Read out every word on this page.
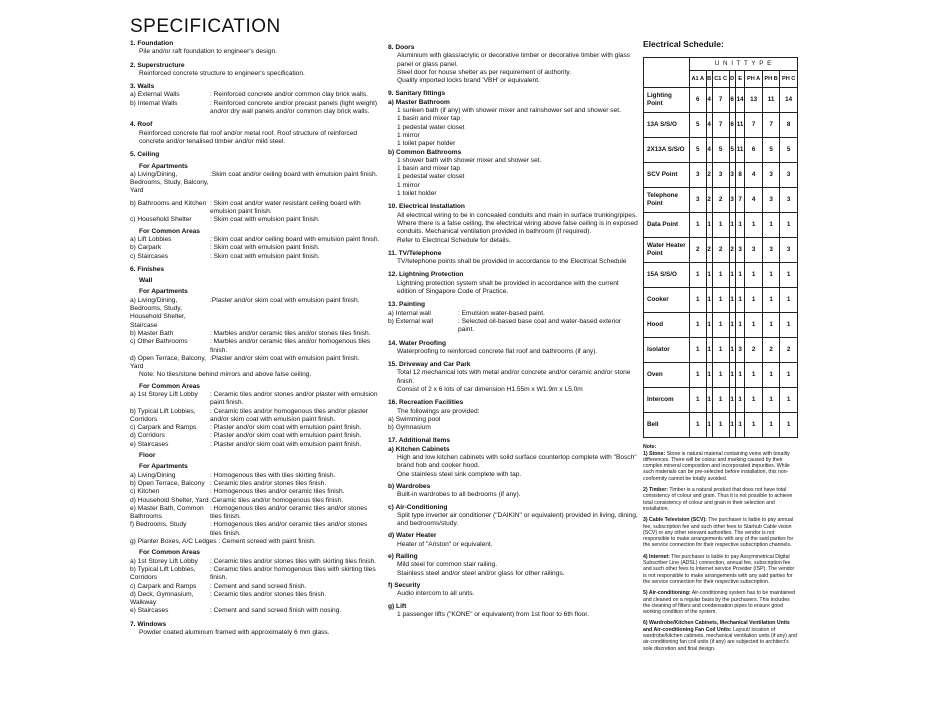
SPECIFICATION
1. Foundation
Pile and/or raft foundation to engineer's design.
2. Superstructure
Reinforced concrete structure to engineer's specification.
3. Walls
a) External Walls	: Reinforced concrete and/or common clay brick walls.
b) Internal Walls	: Reinforced concrete and/or precast panels (light weight) and/or dry wall panels and/or common clay brick walls.
4. Roof
Reinforced concrete flat roof and/or metal roof. Roof structure of reinforced concrete and/or tenalised timber and/or mild steel.
5. Ceiling
For Apartments
a) Living/Dining, Bedrooms, Study, Balcony, Yard
:Skim coat and/or ceiling board with emulsion paint finish.
b) Bathrooms and Kitchen : Skim coat and/or water resistant ceiling board with emulsion paint finish.
c) Household Shelter	: Skim coat with emulsion paint finish.
For Common Areas
a) Lift Lobbies	: Skim coat and/or ceiling board with emulsion paint finish.
b) Carpark	: Skim coat with emulsion paint finish.
c) Staircases	: Skim coat with emulsion paint finish.
6. Finishes
Wall
For Apartments
a) Living/Dining, Bedrooms, Study, Household Shelter, Staircase
:Plaster and/or skim coat with emulsion paint finish.
b) Master Bath	: Marbles and/or ceramic tiles and/or stones tiles finish.
c) Other Bathrooms	: Marbles and/or ceramic tiles and/or homogenous tiles finish.
d) Open Terrace, Balcony, Yard
:Plaster and/or skim coat with emulsion paint finish.
Note: No tiles/stone behind mirrors and above false ceiling.
For Common Areas
a) 1st Storey Lift Lobby	: Ceramic tiles and/or stones and/or plaster with emulsion paint finish.
b) Typical Lift Lobbies, Corridors
: Ceramic tiles and/or homogenous tiles and/or plaster and/or skim coat with emulsion paint finish.
c) Carpark and Ramps	: Plaster and/or skim coat with emulsion paint finish.
d) Corridors	: Plaster and/or skim coat with emulsion paint finish.
e) Staircases	: Plaster and/or skim coat with emulsion paint finish.
Floor
For Apartments
a) Living/Dining	: Homogenous tiles with tiles skirting finish.
b) Open Terrace, Balcony : Ceramic tiles and/or stones tiles finish.
c) Kitchen	: Homogenous tiles and/or ceramic tiles finish.
d) Household Shelter, Yard :Ceramic tiles and/or homogenous tiles finish.
e) Master Bath, Common Bathrooms
: Homogenous tiles and/or ceramic tiles and/or stones tiles finish.
f) Bedrooms, Study	: Homogenous tiles and/or ceramic tiles and/or stones tiles finish.
g) Planter Boxes, A/C Ledges : Cement screed with paint finish.
For Common Areas
a) 1st Storey Lift Lobby	: Ceramic tiles and/or stones tiles with skirting tiles finish.
b) Typical Lift Lobbies, Corridors
: Ceramic tiles and/or homogenous tiles with skirting tiles finish.
c) Carpark and Ramps	: Cement and sand screed finish.
d) Deck, Gymnasium, Walkway
: Ceramic tiles and/or stones tiles finish.
e) Staircases	: Cement and sand screed finish with nosing.
7. Windows
Powder coated aluminum framed with approximately 6 mm glass.
8. Doors
Aluminium with glass/acrylic or decorative timber or decorative timber with glass panel or glass panel.
Steel door for house shelter as per requirement of authority.
Quality imported locks brand 'VBH' or equivalent.
9. Sanitary fittings
a) Master Bathroom
1 sunken bath (if any) with shower mixer and rainshower set and shower set.
1 basin and mixer tap
1 pedestal water closet
1 mirror
1 toilet paper holder
b) Common Bathrooms
1 shower bath with shower mixer and shower set.
1 basin and mixer tap
1 pedestal water closet
1 mirror
1 toilet holder
10. Electrical Installation
All electrical wiring to be in concealed conduits and main in surface trunking/pipes. Where there is a false ceiling, the electrical wiring above false ceiling is in exposed conduits. Mechanical ventilation provided in bathroom (if required).
Refer to Electrical Schedule for details.
11. TV/Telephone
TV/telephone points shall be provided in accordance to the Electrical Schedule
12. Lightning Protection
Lightning protection system shall be provided in accordance with the current edition of Singapore Code of Practice.
13. Painting
a) Internal wall	: Emulsion water-based paint.
b) External wall	: Selected oil-based base coat and water-based exterior paint.
14. Water Proofing
Waterproofing to reinforced concrete flat roof and bathrooms (if any).
15. Driveway and Car Park
Total 12 mechanical lots with metal and/or concrete and/or ceramic and/or stone finish.
Consist of 2 x 6 lots of car dimension H1.55m x W1.9m x L5.0m
16. Recreation Facilities
The followings are provided:
a) Swimming pool
b) Gymnasium
17. Additional Items
a) Kitchen Cabinets
High and low kitchen cabinets with solid surface countertop complete with "Bosch" brand hob and cooker hood.
One stainless steel sink complete with tap.
b) Wardrobes
Built-in wardrobes to all bedrooms (if any).
c) Air-Conditioning
Split type inverter air conditioner ("DAIKIN" or equivalent) provided in living, dining, and bedrooms/study.
d) Water Heater
Heater of "Ariston" or equivalent.
e) Railing
Mild steel for common stair railing.
Stainless steel and/or steel and/or glass for other railings.
f) Security
Audio intercom to all units.
g) Lift
1 passenger lifts ("KONE" or equivalent) from 1st floor to 6th floor.
Electrical Schedule:
	U N I T T Y P E							
	A1 A	B	C1 C	D	E	PH A	PH B	PH C
Lighting Point	6	4	7	6	14	13	11	14
13A S/S/O	5	4	7	6	11	7	7	8
2X13A S/S/O	5	4	5	5	11	6	5	5
SCV Point	3	2	3	3	8	4	3	3
Telephone Point	3	2	2	3	7	4	3	3
Data Point	1	1	1	1	1	1	1	1
Water Heater Point	2	2	2	2	3	3	3	3
15A S/S/O	1	1	1	1	1	1	1	1
Cooker	1	1	1	1	1	1	1	1
Hood	1	1	1	1	1	1	1	1
Isolator	1	1	1	1	3	2	2	2
Oven	1	1	1	1	1	1	1	1
Intercom	1	1	1	1	1	1	1	1
Bell	1	1	1	1	1	1	1	1
Note:
1) Stone: Stone is natural material containing veins with tonality differences. There will be colour and marking caused by their complex mineral composition and incorporated impurities. While such materials can be pre-selected before installation, this non-conformity cannot be totally avoided.
2) Timber: Timber is a natural product that does not have total consistency of colour and grain. Thus it is not possible to achieve total consistency of colour and grain in their selection and installation.
3) Cable Television (SCV): The purchaser is liable to pay annual fee, subscription fee and such other fees to Starhub Cable vision (SCV) or any other relevant authorities. The vendor is not responsible to make arrangements with any of the said parties for the service connection for their respective subscription channels.
4) Internet: The purchaser is liable to pay Assymmetrical Digital Subscriber Line (ADSL) connection, annual fee, subscription fee and such other fees to Internet service Provider (ISP). The vendor is not responsible to make arrangements with any said parties for the service connection for their respective subscription.
5) Air-conditioning: Air-conditioning system has to be maintained and cleaned on a regular basis by the purchasers. This includes the cleaning of filters and condensation pipes to ensure good working condition of the system.
6) Wardrobe/Kitchen Cabinets, Mechanical Ventilation Units and Air-conditioning Fan Coil Units: Layout/ location of wardrobe/kitchen cabinets, mechanical ventilation units (if any) and air-conditioning fan coil units (if any) are subjected to architect's sole discretion and final design.
